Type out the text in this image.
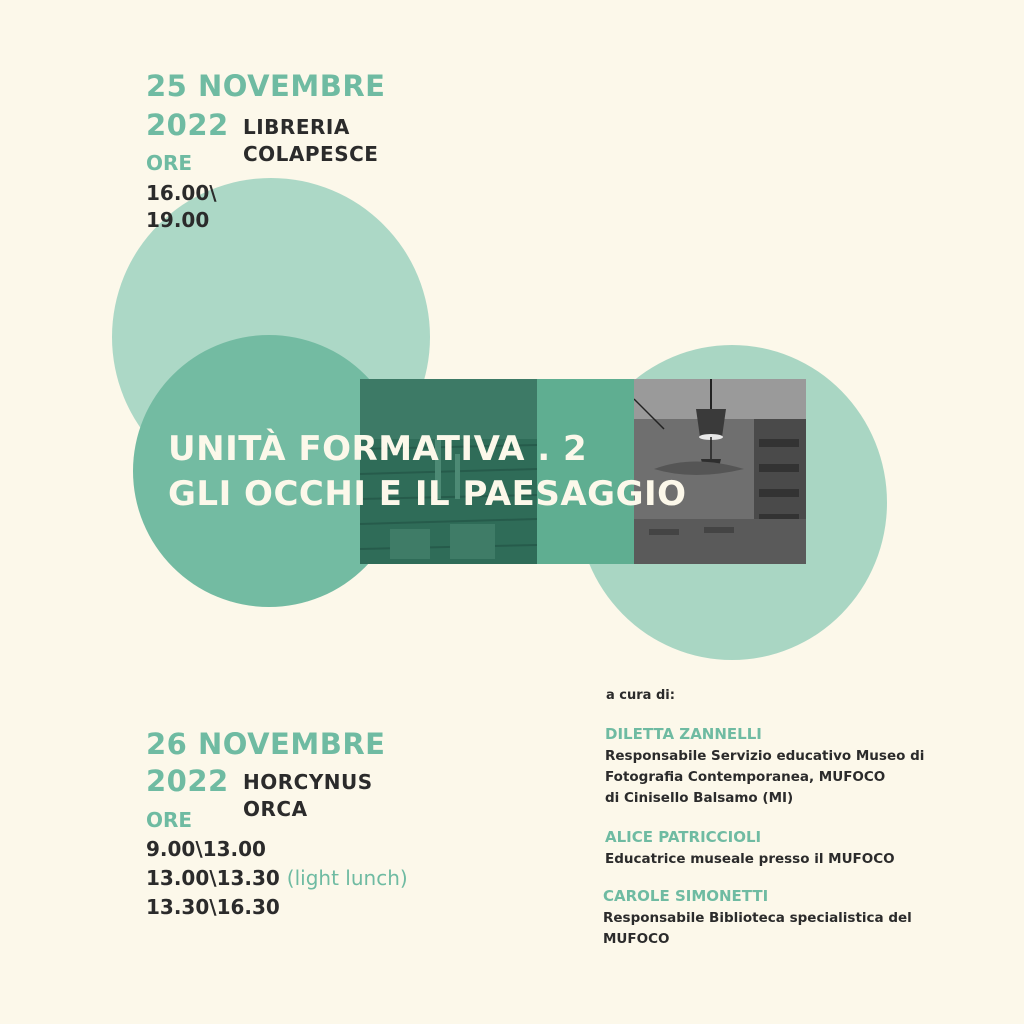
25 NOVEMBRE
2022 LIBRERIA
COLAPESCE
ORE
16.00\
19.00
UNITÀ FORMATIVA . 2
GLI OCCHI E IL PAESAGGIO
26 NOVEMBRE
2022 HORCYNUS
ORCA
ORE
9.00\13.00
13.00\13.30 (light lunch)
13.30\16.30
a cura di:
DILETTA ZANNELLI
Responsabile Servizio educativo Museo di
Fotografia Contemporanea, MUFOCO
di Cinisello Balsamo (MI)
ALICE PATRICCIOLI
Educatrice museale presso il MUFOCO
CAROLE SIMONETTI
Responsabile Biblioteca specialistica del
MUFOCO
